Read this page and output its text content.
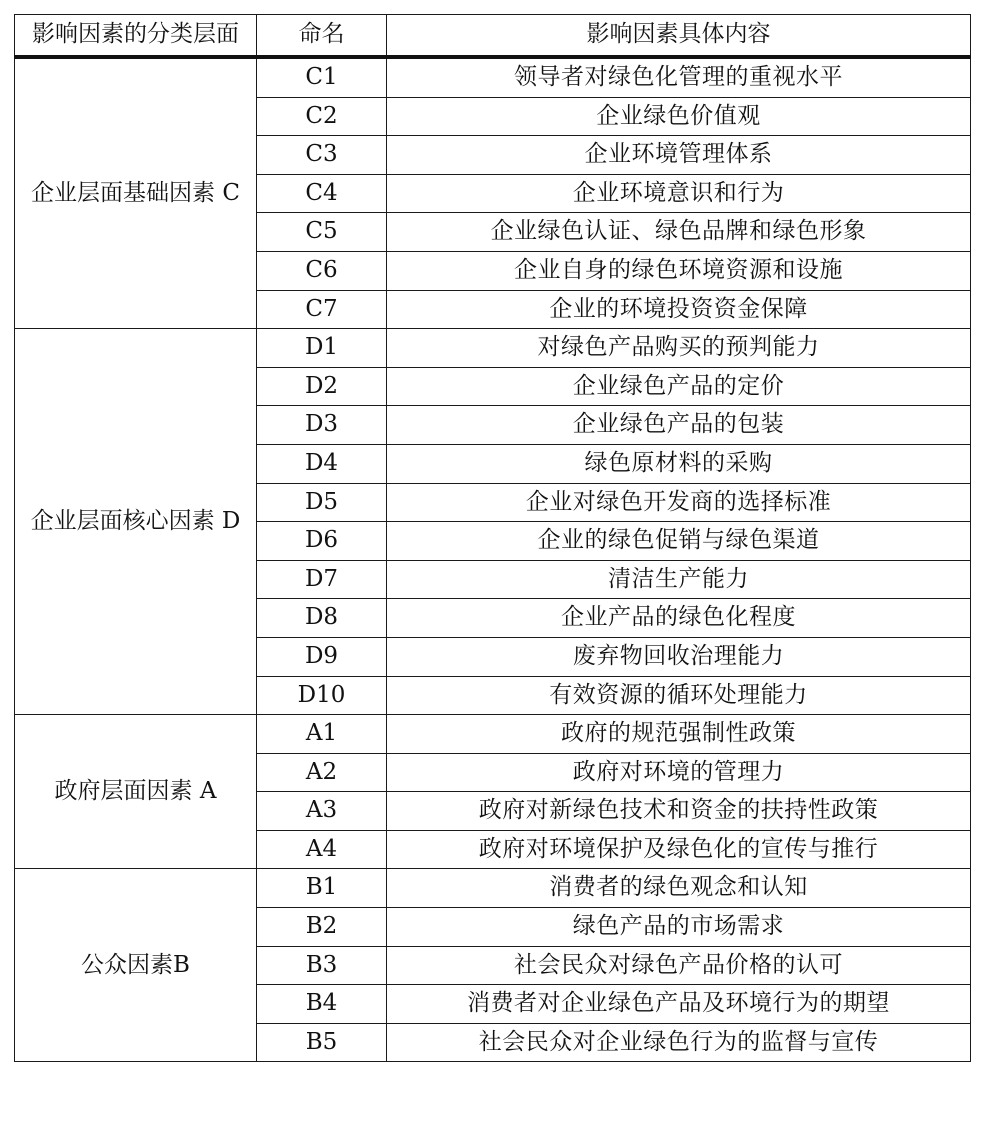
影响因素的分类层面	命名	影响因素具体内容
企业层面基础因素 C	C1	领导者对绿色化管理的重视水平
	C2	企业绿色价值观
	C3	企业环境管理体系
	C4	企业环境意识和行为
	C5	企业绿色认证、绿色品牌和绿色形象
	C6	企业自身的绿色环境资源和设施
	C7	企业的环境投资资金保障
企业层面核心因素 D	D1	对绿色产品购买的预判能力
	D2	企业绿色产品的定价
	D3	企业绿色产品的包装
	D4	绿色原材料的采购
	D5	企业对绿色开发商的选择标准
	D6	企业的绿色促销与绿色渠道
	D7	清洁生产能力
	D8	企业产品的绿色化程度
	D9	废弃物回收治理能力
	D10	有效资源的循环处理能力
政府层面因素 A	A1	政府的规范强制性政策
	A2	政府对环境的管理力
	A3	政府对新绿色技术和资金的扶持性政策
	A4	政府对环境保护及绿色化的宣传与推行
公众因素B	B1	消费者的绿色观念和认知
	B2	绿色产品的市场需求
	B3	社会民众对绿色产品价格的认可
	B4	消费者对企业绿色产品及环境行为的期望
	B5	社会民众对企业绿色行为的监督与宣传
